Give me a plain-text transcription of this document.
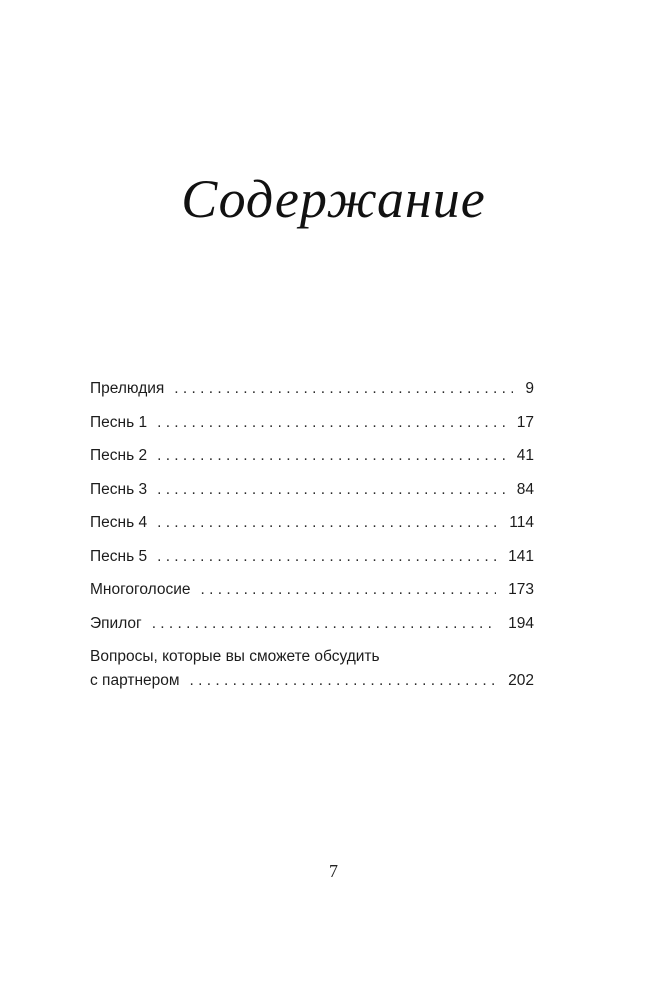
Содержание
Прелюдия . . .	9
Песнь 1 . . .	17
Песнь 2 . . .	41
Песнь 3 . . .	84
Песнь 4 . . .	114
Песнь 5 . . .	141
Многоголосие . . .	173
Эпилог . . .	194
Вопросы, которые вы сможете обсудить
с партнером . . .	202
7
